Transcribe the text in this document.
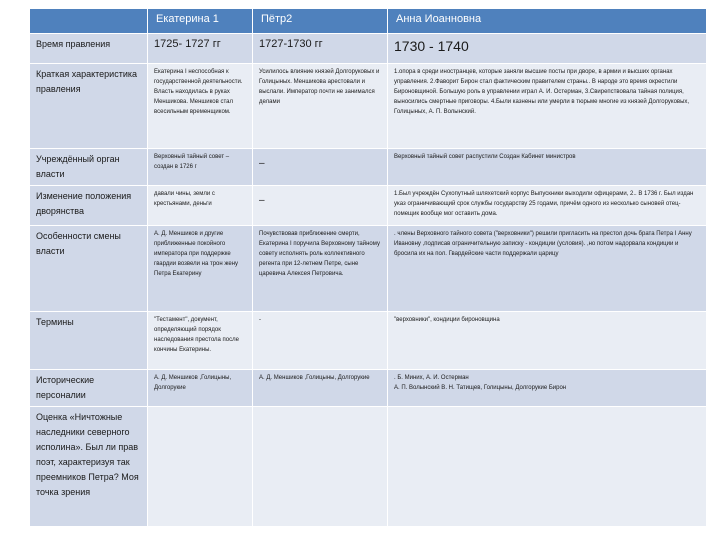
	Екатерина 1	Пётр2	Анна Иоанновна
Время правления	1725- 1727 гг	1727-1730 гг	1730 - 1740
Краткая характеристика правления	Екатерина I неспособная к государственной деятельности. Власть находилась в руках Меншикова. Меншиков стал всесильным временщиком.	Усилилось влияние князей Долгоруковых и Голицыных. Меншикова арестовали и выслали. Император почти не занимался делами	1.опора в среди иностранцев, которые заняли высшие посты при дворе, в армии и высших органах управления. 2.Фаворит Бирон стал фактическим правителем страны.. В народе это время окрестили Бироновщиной. Большую роль в управлении играл А. И. Остерман, 3.Свирепствовала тайная полиция, выносились смертные приговоры. 4.Были казнены или умерли в тюрьме многие из князей Долгоруковых, Голицыных, А. П. Волынский.
Учреждённый орган власти	Верховный тайный совет – создан в 1726 г	–	Верховный тайный совет распустили Создан Кабинет министров
Изменение положения дворянства	давали чины, земли с крестьянами, деньги	–	1.Был учреждён Сухопутный шляхетский корпус Выпускники выходили офицерами, 2.. В 1736 г. Был издан указ ограничивающий срок службы государству 25 годами, причём одного из несколько сыновей отец-помещик вообще мог оставить дома.
Особенности смены власти	А. Д. Меншиков и другие приближенные покойного императора при поддержке гвардии возвели на трон жену Петра Екатерину	Почувствовав приближение смерти, Екатерина I поручила Верховному тайному совету исполнять роль коллективного регента при 12-летнем Петре, сыне царевича Алексея Петровича.	. члены Верховного тайного совета ("верховники") решили пригласить на престол дочь брата Петра I Анну Ивановну ,подписав ограничительную записку - кондиции (условия). ,но потом надорвала кондиции и бросила их на пол. Гвардейские части поддержали царицу
Термины	"Тестамент", документ, определяющий порядок наследования престола после кончины Екатерины.	-	"верховники", кондиции бироновщина
Исторические персоналии	А. Д. Меншиков ,Голицыны, Долгорукие	А. Д. Меншиков ,Голицыны, Долгорукие	. Б. Миних, А. И. Остерман
А. П. Волынский В. Н. Татищев, Голицыны, Долгорукие Бирон
Оценка «Ничтожные наследники северного исполина». Был ли прав поэт, характеризуя так преемников Петра? Моя точка зрения			
